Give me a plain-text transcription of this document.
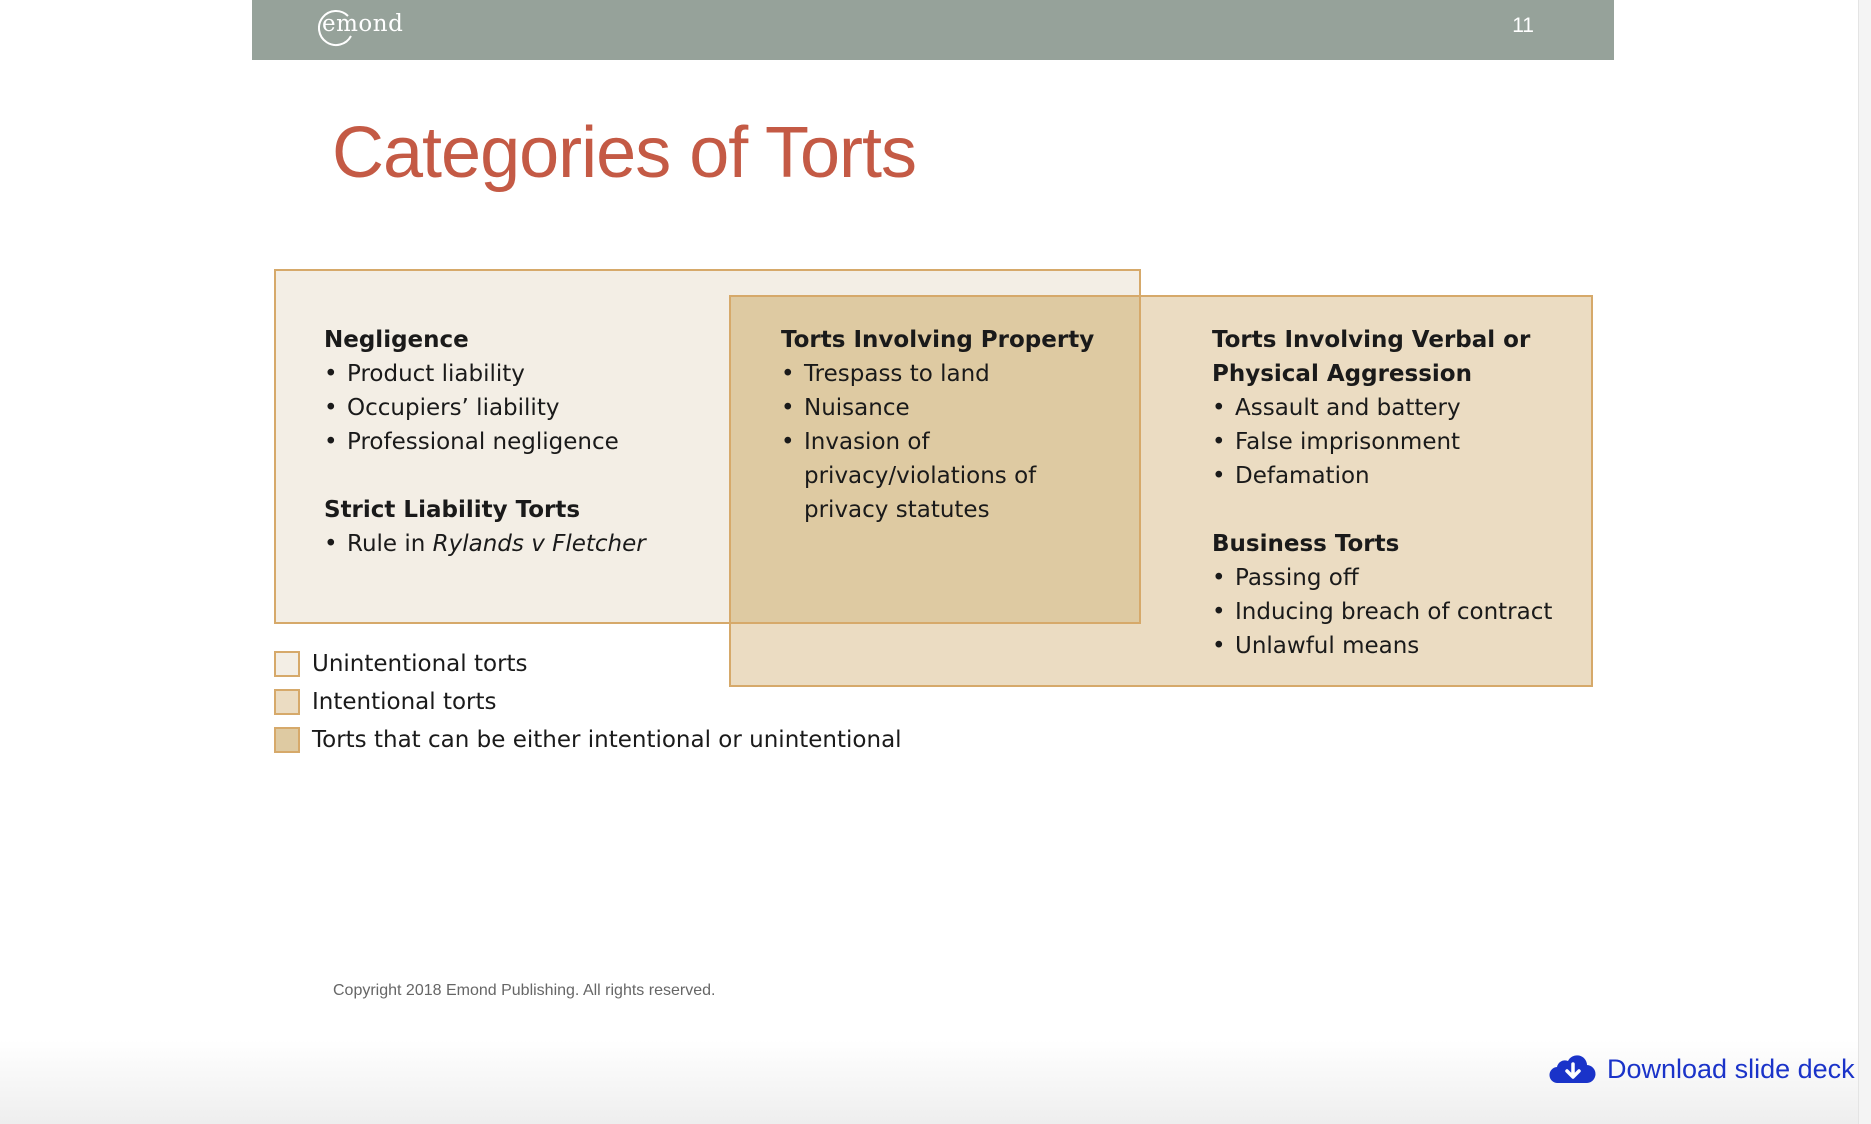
emond	11
Categories of Torts
Negligence
• Product liability
• Occupiers’ liability
• Professional negligence
Strict Liability Torts
• Rule in Rylands v Fletcher
Torts Involving Property
• Trespass to land
• Nuisance
• Invasion of privacy/violations of privacy statutes
Torts Involving Verbal or Physical Aggression
• Assault and battery
• False imprisonment
• Defamation
Business Torts
• Passing off
• Inducing breach of contract
• Unlawful means
Unintentional torts
Intentional torts
Torts that can be either intentional or unintentional
Copyright 2018 Emond Publishing. All rights reserved.
Download slide deck
